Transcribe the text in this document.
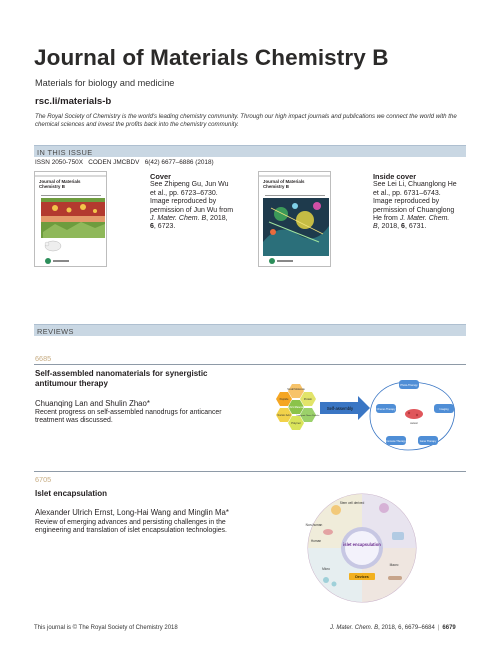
Journal of Materials Chemistry B
Materials for biology and medicine
rsc.li/materials-b
The Royal Society of Chemistry is the world's leading chemistry community. Through our high impact journals and publications we connect the world with the chemical sciences and invest the profits back into the chemistry community.
IN THIS ISSUE
ISSN 2050-750X   CODEN JMCBDV   6(42) 6677–6886 (2018)
Journal of Materials Chemistry B
Cover

See Zhipeng Gu, Jun Wu et al., pp. 6723–6730. Image reproduced by permission of Jun Wu from J. Mater. Chem. B, 2018, 6, 6723.

Journal of Materials Chemistry B
Inside cover

See Lei Li, Chuanglong He et al., pp. 6731–6743. Image reproduced by permission of Chuanglong He from J. Mater. Chem. B, 2018, 6, 6731.

REVIEWS
6685
Self-assembled nanomaterials for synergistic antitumour therapy
Chuanqing Lan and Shulin Zhao*
Recent progress on self-assembled nanodrugs for anticancer treatment was discussed.
Small Molecule
Protein
Inorganic Nano Particle
Polymer
Nucleic Acid
Peptide
Hybrid Materials	Self-assembly
Photo-Therapy
Chemo-Therapy	Imaging
Immune Therapy	Gene Therapy
cancer
6705
Islet encapsulation
Alexander Ulrich Ernst, Long-Hai Wang and Minglin Ma*
Review of emerging advances and persisting challenges in the engineering and translation of islet encapsulation technologies.
islet encapsulation
Devices
Stem cell derived
Non-human
Human
Macro
Micro
This journal is © The Royal Society of Chemistry 2018	J. Mater. Chem. B, 2018, 6, 6679–6684 | 6679
